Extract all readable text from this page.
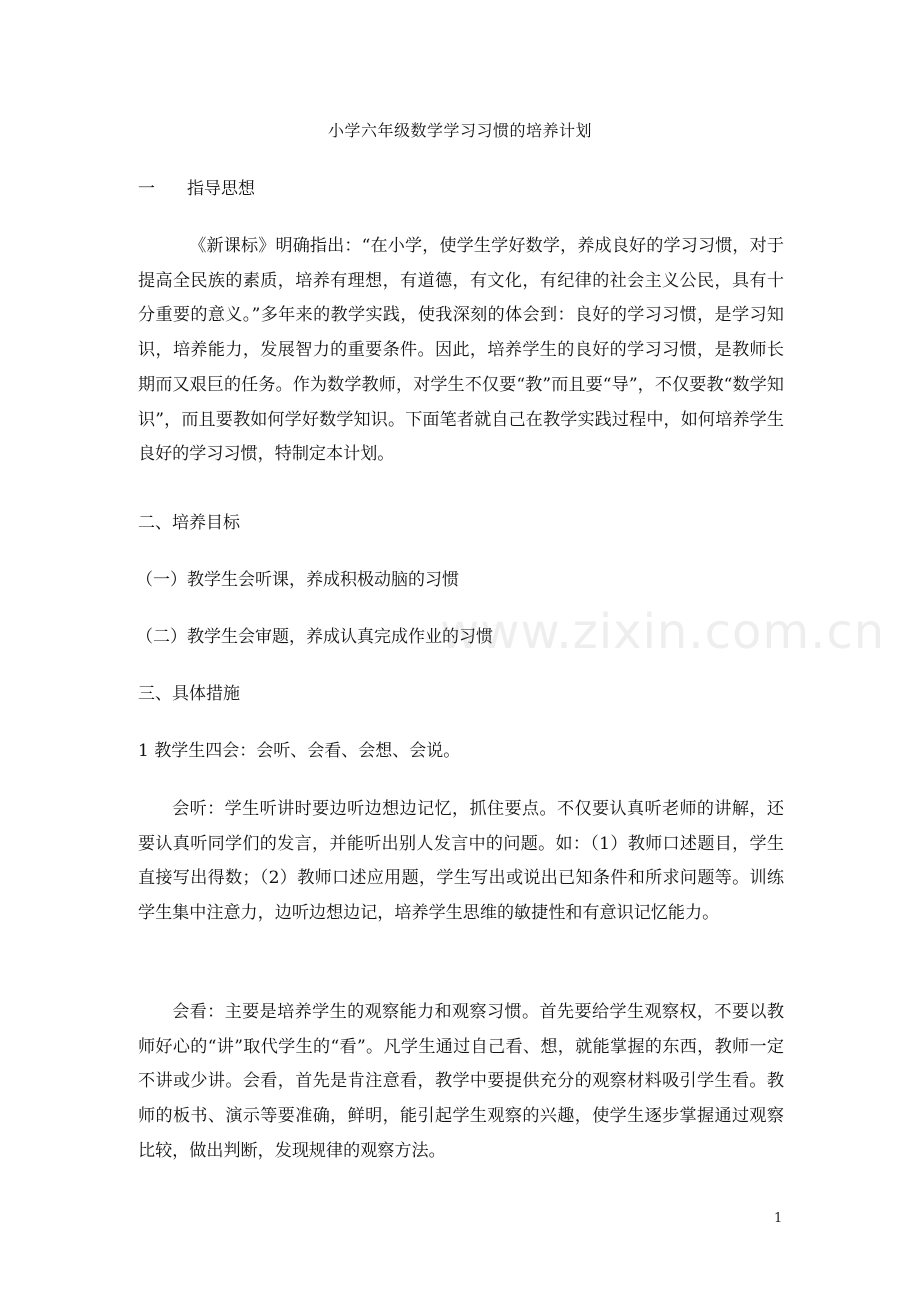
小学六年级数学学习习惯的培养计划
一 指导思想

《新课标》明确指出：“在小学，使学生学好数学，养成良好的学习习惯，对于提高全民族的素质，培养有理想，有道德，有文化，有纪律的社会主义公民，具有十分重要的意义。”多年来的教学实践，使我深刻的体会到：良好的学习习惯，是学习知识，培养能力，发展智力的重要条件。因此，培养学生的良好的学习习惯，是教师长期而又艰巨的任务。作为数学教师，对学生不仅要“教”而且要“导”，不仅要教“数学知识”，而且要教如何学好数学知识。下面笔者就自己在教学实践过程中，如何培养学生良好的学习习惯，特制定本计划。

二、培养目标
（一）教学生会听课，养成积极动脑的习惯
（二）教学生会审题，养成认真完成作业的习惯
三、具体措施
1 教学生四会：会听、会看、会想、会说。

会听：学生听讲时要边听边想边记忆，抓住要点。不仅要认真听老师的讲解，还要认真听同学们的发言，并能听出别人发言中的问题。如：（1）教师口述题目，学生直接写出得数；（2）教师口述应用题，学生写出或说出已知条件和所求问题等。训练学生集中注意力，边听边想边记，培养学生思维的敏捷性和有意识记忆能力。

会看：主要是培养学生的观察能力和观察习惯。首先要给学生观察权，不要以教师好心的“讲”取代学生的“看”。凡学生通过自己看、想，就能掌握的东西，教师一定不讲或少讲。会看，首先是肯注意看，教学中要提供充分的观察材料吸引学生看。教师的板书、演示等要准确，鲜明，能引起学生观察的兴趣，使学生逐步掌握通过观察比较，做出判断，发现规律的观察方法。

www.zixin.com.cn
1
